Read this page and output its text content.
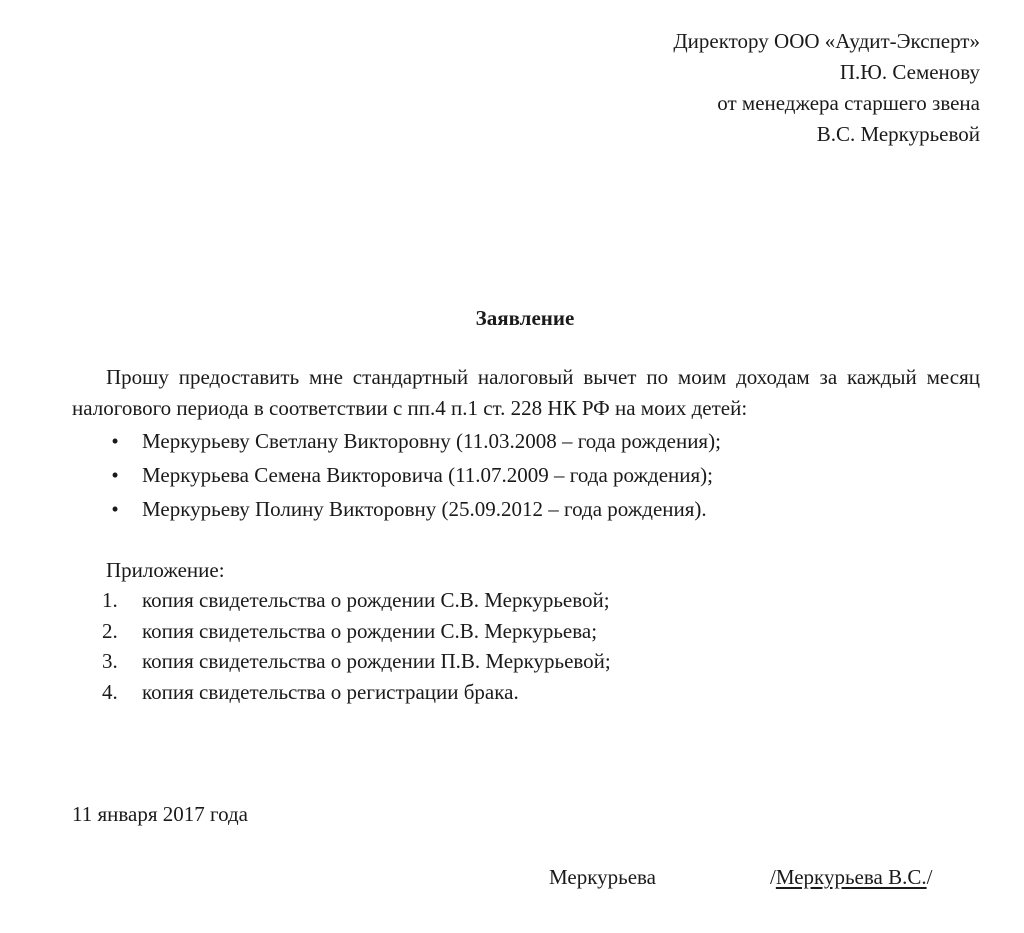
Директору ООО «Аудит-Эксперт»
П.Ю. Семенову
от менеджера старшего звена
В.С. Меркурьевой
Заявление
Прошу предоставить мне стандартный налоговый вычет по моим доходам за каждый месяц налогового периода в соответствии с пп.4 п.1 ст. 228 НК РФ на моих детей:
•	Меркурьеву Светлану Викторовну (11.03.2008 – года рождения);
•	Меркурьева Семена Викторовича (11.07.2009 – года рождения);
•	Меркурьеву Полину Викторовну (25.09.2012 – года рождения).
Приложение:
1.	копия свидетельства о рождении С.В. Меркурьевой;
2.	копия свидетельства о рождении С.В. Меркурьева;
3.	копия свидетельства о рождении П.В. Меркурьевой;
4.	копия свидетельства о регистрации брака.
11 января 2017 года
Меркурьева	/Меркурьева В.С./
